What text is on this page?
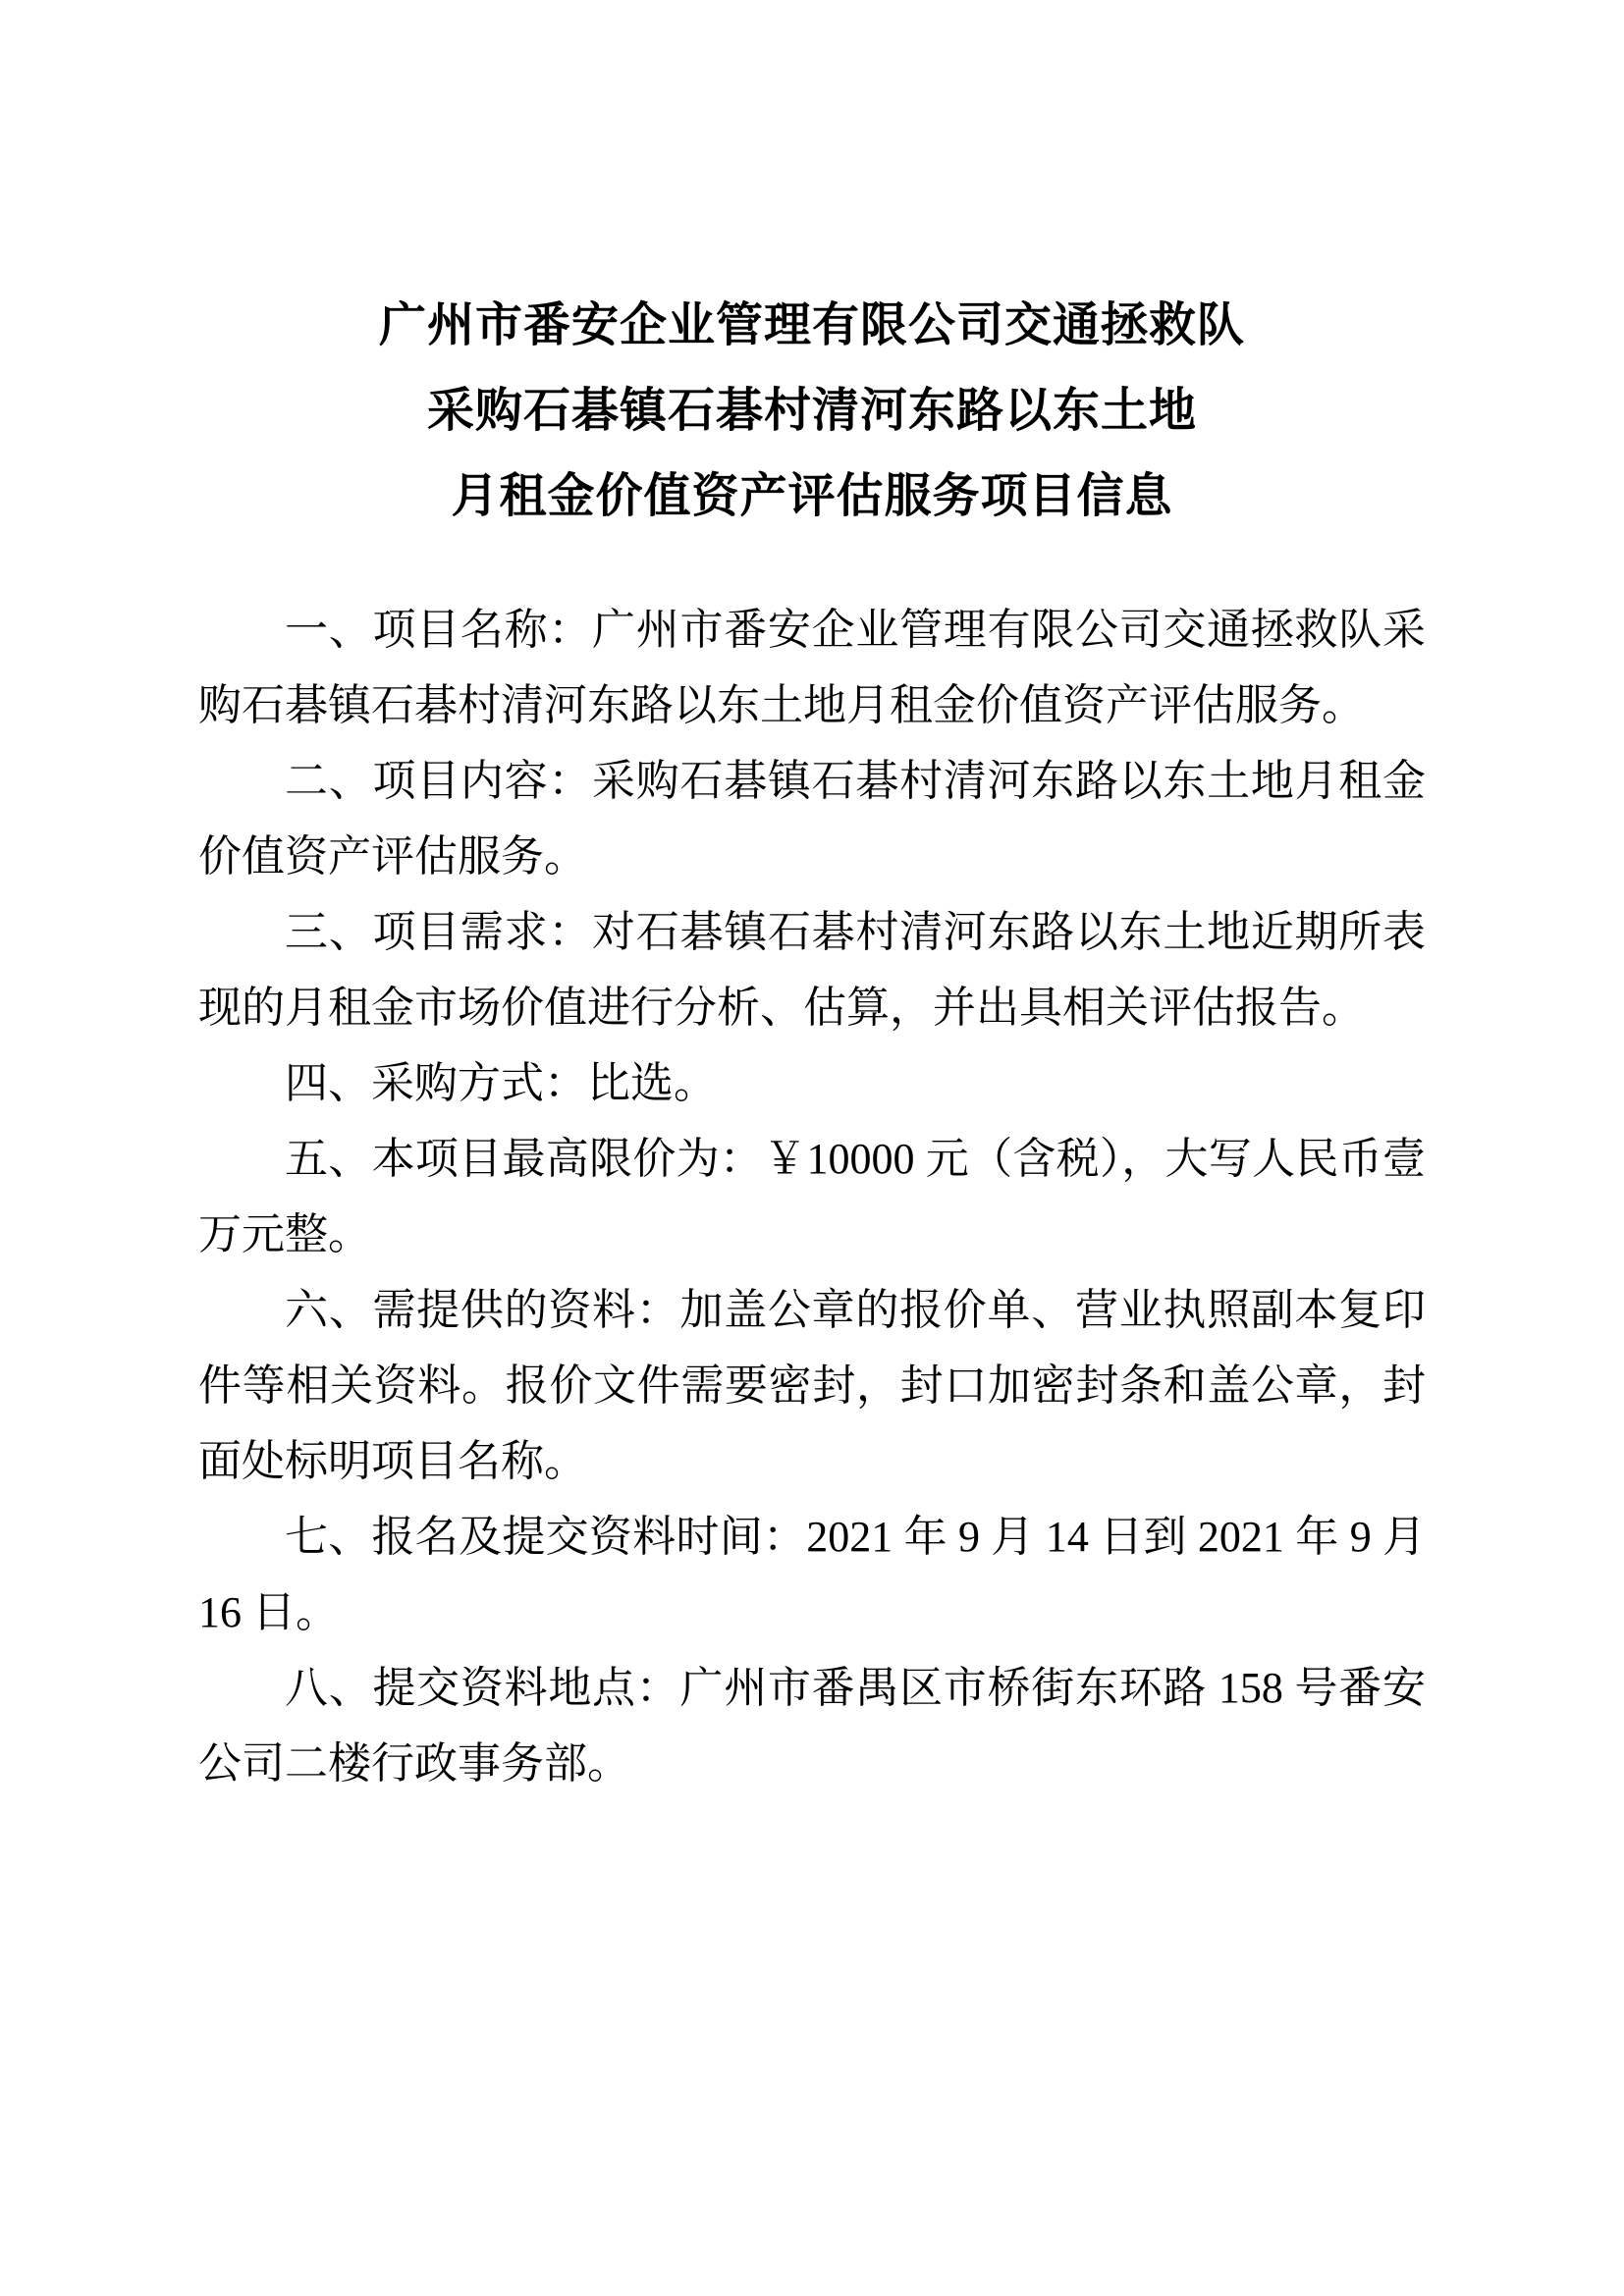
广州市番安企业管理有限公司交通拯救队
采购石碁镇石碁村清河东路以东土地
月租金价值资产评估服务项目信息

一、项目名称：广州市番安企业管理有限公司交通拯救队采购石碁镇石碁村清河东路以东土地月租金价值资产评估服务。

二、项目内容：采购石碁镇石碁村清河东路以东土地月租金价值资产评估服务。

三、项目需求：对石碁镇石碁村清河东路以东土地近期所表现的月租金市场价值进行分析、估算，并出具相关评估报告。

四、采购方式：比选。

五、本项目最高限价为：￥10000 元（含税），大写人民币壹万元整。

六、需提供的资料：加盖公章的报价单、营业执照副本复印件等相关资料。报价文件需要密封，封口加密封条和盖公章，封面处标明项目名称。

七、报名及提交资料时间：2021 年 9 月 14 日到 2021 年 9 月 16 日。

八、提交资料地点：广州市番禺区市桥街东环路 158 号番安公司二楼行政事务部。
